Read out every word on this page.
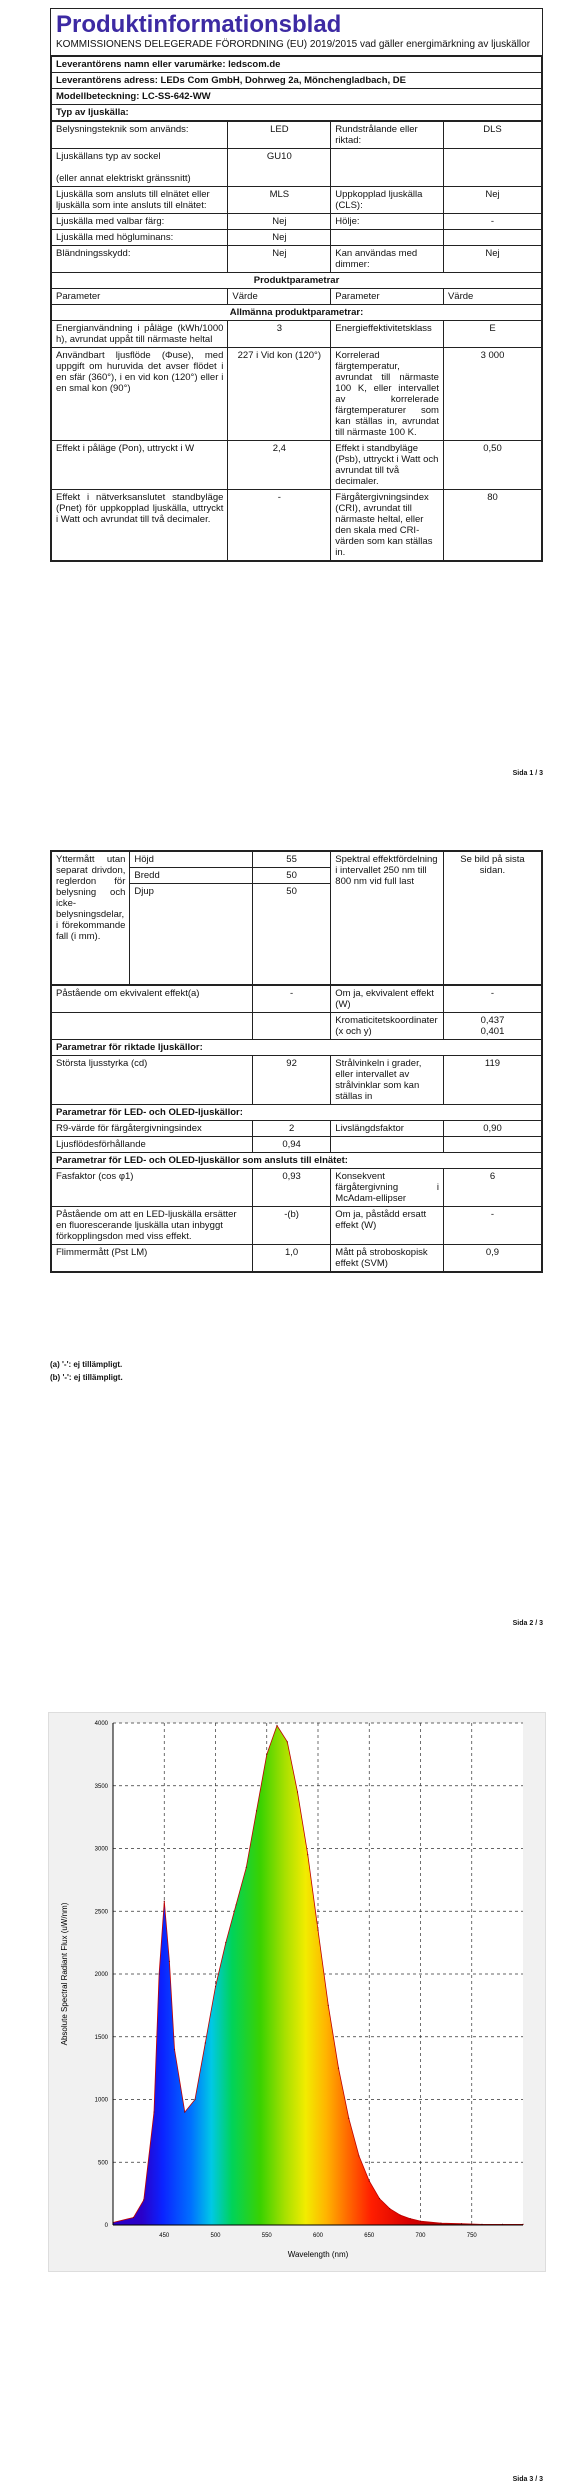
Produktinformationsblad
KOMMISSIONENS DELEGERADE FÖRORDNING (EU) 2019/2015 vad gäller energimärkning av ljuskällor
Leverantörens namn eller varumärke: ledscom.de
Leverantörens adress: LEDs Com GmbH, Dohrweg 2a, Mönchengladbach, DE
Modellbeteckning: LC-SS-642-WW
Typ av ljuskälla:
Belysningsteknik som används:	LED	Rundstrålande eller riktad:	DLS
Ljuskällans typ av sockel

(eller annat elektriskt gränssnitt)	GU10		
Ljuskälla som ansluts till elnätet eller ljuskälla som inte ansluts till elnätet:	MLS	Uppkopplad ljuskälla (CLS):	Nej
Ljuskälla med valbar färg:	Nej	Hölje:	-
Ljuskälla med högluminans:	Nej		
Bländningsskydd:	Nej	Kan användas med dimmer:	Nej
Produktparametrar			
Parameter	Värde	Parameter	Värde
Allmänna produktparametrar:			
Energianvändning i påläge (kWh/1000 h), avrundat uppåt till närmaste heltal	3	Energieffektivitetsklass	E
Användbart ljusflöde (Φuse), med uppgift om huruvida det avser flödet i en sfär (360°), i en vid kon (120°) eller i en smal kon (90°)	227 i Vid kon (120°)	Korrelerad färgtemperatur, avrundat till närmaste 100 K, eller intervallet av korrelerade färgtemperaturer som kan ställas in, avrundat till närmaste 100 K.	3 000
Effekt i påläge (Pon), uttryckt i W	2,4	Effekt i standbyläge (Psb), uttryckt i Watt och avrundat till två decimaler.	0,50
Effekt i nätverksanslutet standbyläge (Pnet) för uppkopplad ljuskälla, uttryckt i Watt och avrundat till två decimaler.	-	Färgåtergivningsindex (CRI), avrundat till närmaste heltal, eller den skala med CRI-värden som kan ställas in.	80
Sida 1 / 3
Yttermått utan separat drivdon, reglerdon för belysning och icke-belysningsdelar, i förekommande fall (i mm).	Höjd	55	Spektral effektfördelning i intervallet 250 nm till 800 nm vid full last	Se bild på sista sidan.
	Bredd	50		
	Djup	50		
Påstående om ekvivalent effekt(a)	-	Om ja, ekvivalent effekt (W)	-
		Kromaticitetskoordinater (x och y)	0,437
0,401

Parametrar för riktade ljuskällor:			
Största ljusstyrka (cd)	92	Strålvinkeln i grader, eller intervallet av strålvinklar som kan ställas in	119
Parametrar för LED- och OLED-ljuskällor:			
R9-värde för färgåtergivningsindex	2	Livslängdsfaktor	0,90
Ljusflödesförhållande	0,94		
Parametrar för LED- och OLED-ljuskällor som ansluts till elnätet:			
Fasfaktor (cos φ1)	0,93	Konsekvent färgåtergivning i McAdam-ellipser	6
Påstående om att en LED-ljuskälla ersätter en fluorescerande ljuskälla utan inbyggt förkopplingsdon med viss effekt.	-(b)	Om ja, påstådd ersatt effekt (W)	-
Flimmermått (Pst LM)	1,0	Mått på stroboskopisk effekt (SVM)	0,9
(a) '-': ej tillämpligt.
(b) '-': ej tillämpligt.
Sida 2 / 3
450	500	550	600	650	700	750
0
500
1000
1500
2000
2500
3000
3500
4000
Wavelength (nm)
Absolute Spectral Radiant Flux (uW/nm)
Sida 3 / 3
